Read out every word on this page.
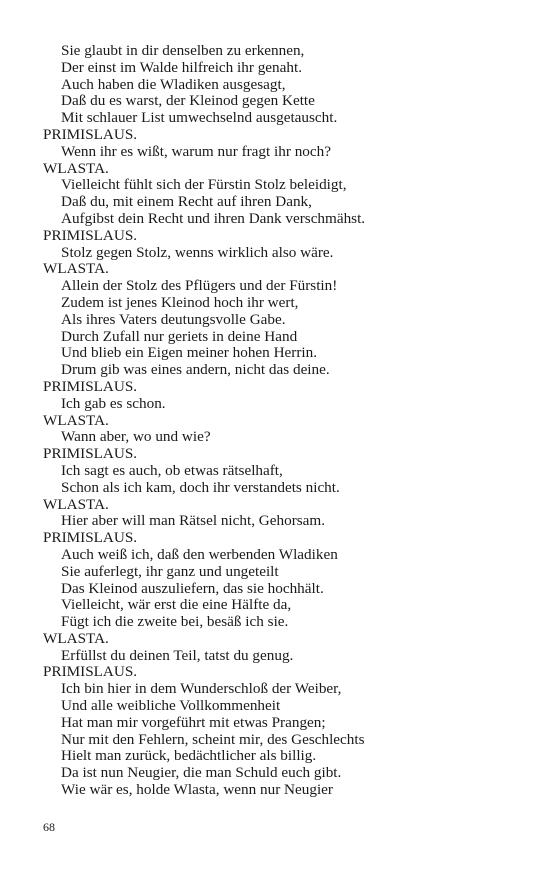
Sie glaubt in dir denselben zu erkennen,
Der einst im Walde hilfreich ihr genaht.
Auch haben die Wladiken ausgesagt,
Daß du es warst, der Kleinod gegen Kette
Mit schlauer List umwechselnd ausgetauscht.
PRIMISLAUS.
Wenn ihr es wißt, warum nur fragt ihr noch?
WLASTA.
Vielleicht fühlt sich der Fürstin Stolz beleidigt,
Daß du, mit einem Recht auf ihren Dank,
Aufgibst dein Recht und ihren Dank verschmähst.
PRIMISLAUS.
Stolz gegen Stolz, wenns wirklich also wäre.
WLASTA.
Allein der Stolz des Pflügers und der Fürstin!
Zudem ist jenes Kleinod hoch ihr wert,
Als ihres Vaters deutungsvolle Gabe.
Durch Zufall nur geriets in deine Hand
Und blieb ein Eigen meiner hohen Herrin.
Drum gib was eines andern, nicht das deine.
PRIMISLAUS.
Ich gab es schon.
WLASTA.
Wann aber, wo und wie?
PRIMISLAUS.
Ich sagt es auch, ob etwas rätselhaft,
Schon als ich kam, doch ihr verstandets nicht.
WLASTA.
Hier aber will man Rätsel nicht, Gehorsam.
PRIMISLAUS.
Auch weiß ich, daß den werbenden Wladiken
Sie auferlegt, ihr ganz und ungeteilt
Das Kleinod auszuliefern, das sie hochhält.
Vielleicht, wär erst die eine Hälfte da,
Fügt ich die zweite bei, besäß ich sie.
WLASTA.
Erfüllst du deinen Teil, tatst du genug.
PRIMISLAUS.
Ich bin hier in dem Wunderschloß der Weiber,
Und alle weibliche Vollkommenheit
Hat man mir vorgeführt mit etwas Prangen;
Nur mit den Fehlern, scheint mir, des Geschlechts
Hielt man zurück, bedächtlicher als billig.
Da ist nun Neugier, die man Schuld euch gibt.
Wie wär es, holde Wlasta, wenn nur Neugier
68
